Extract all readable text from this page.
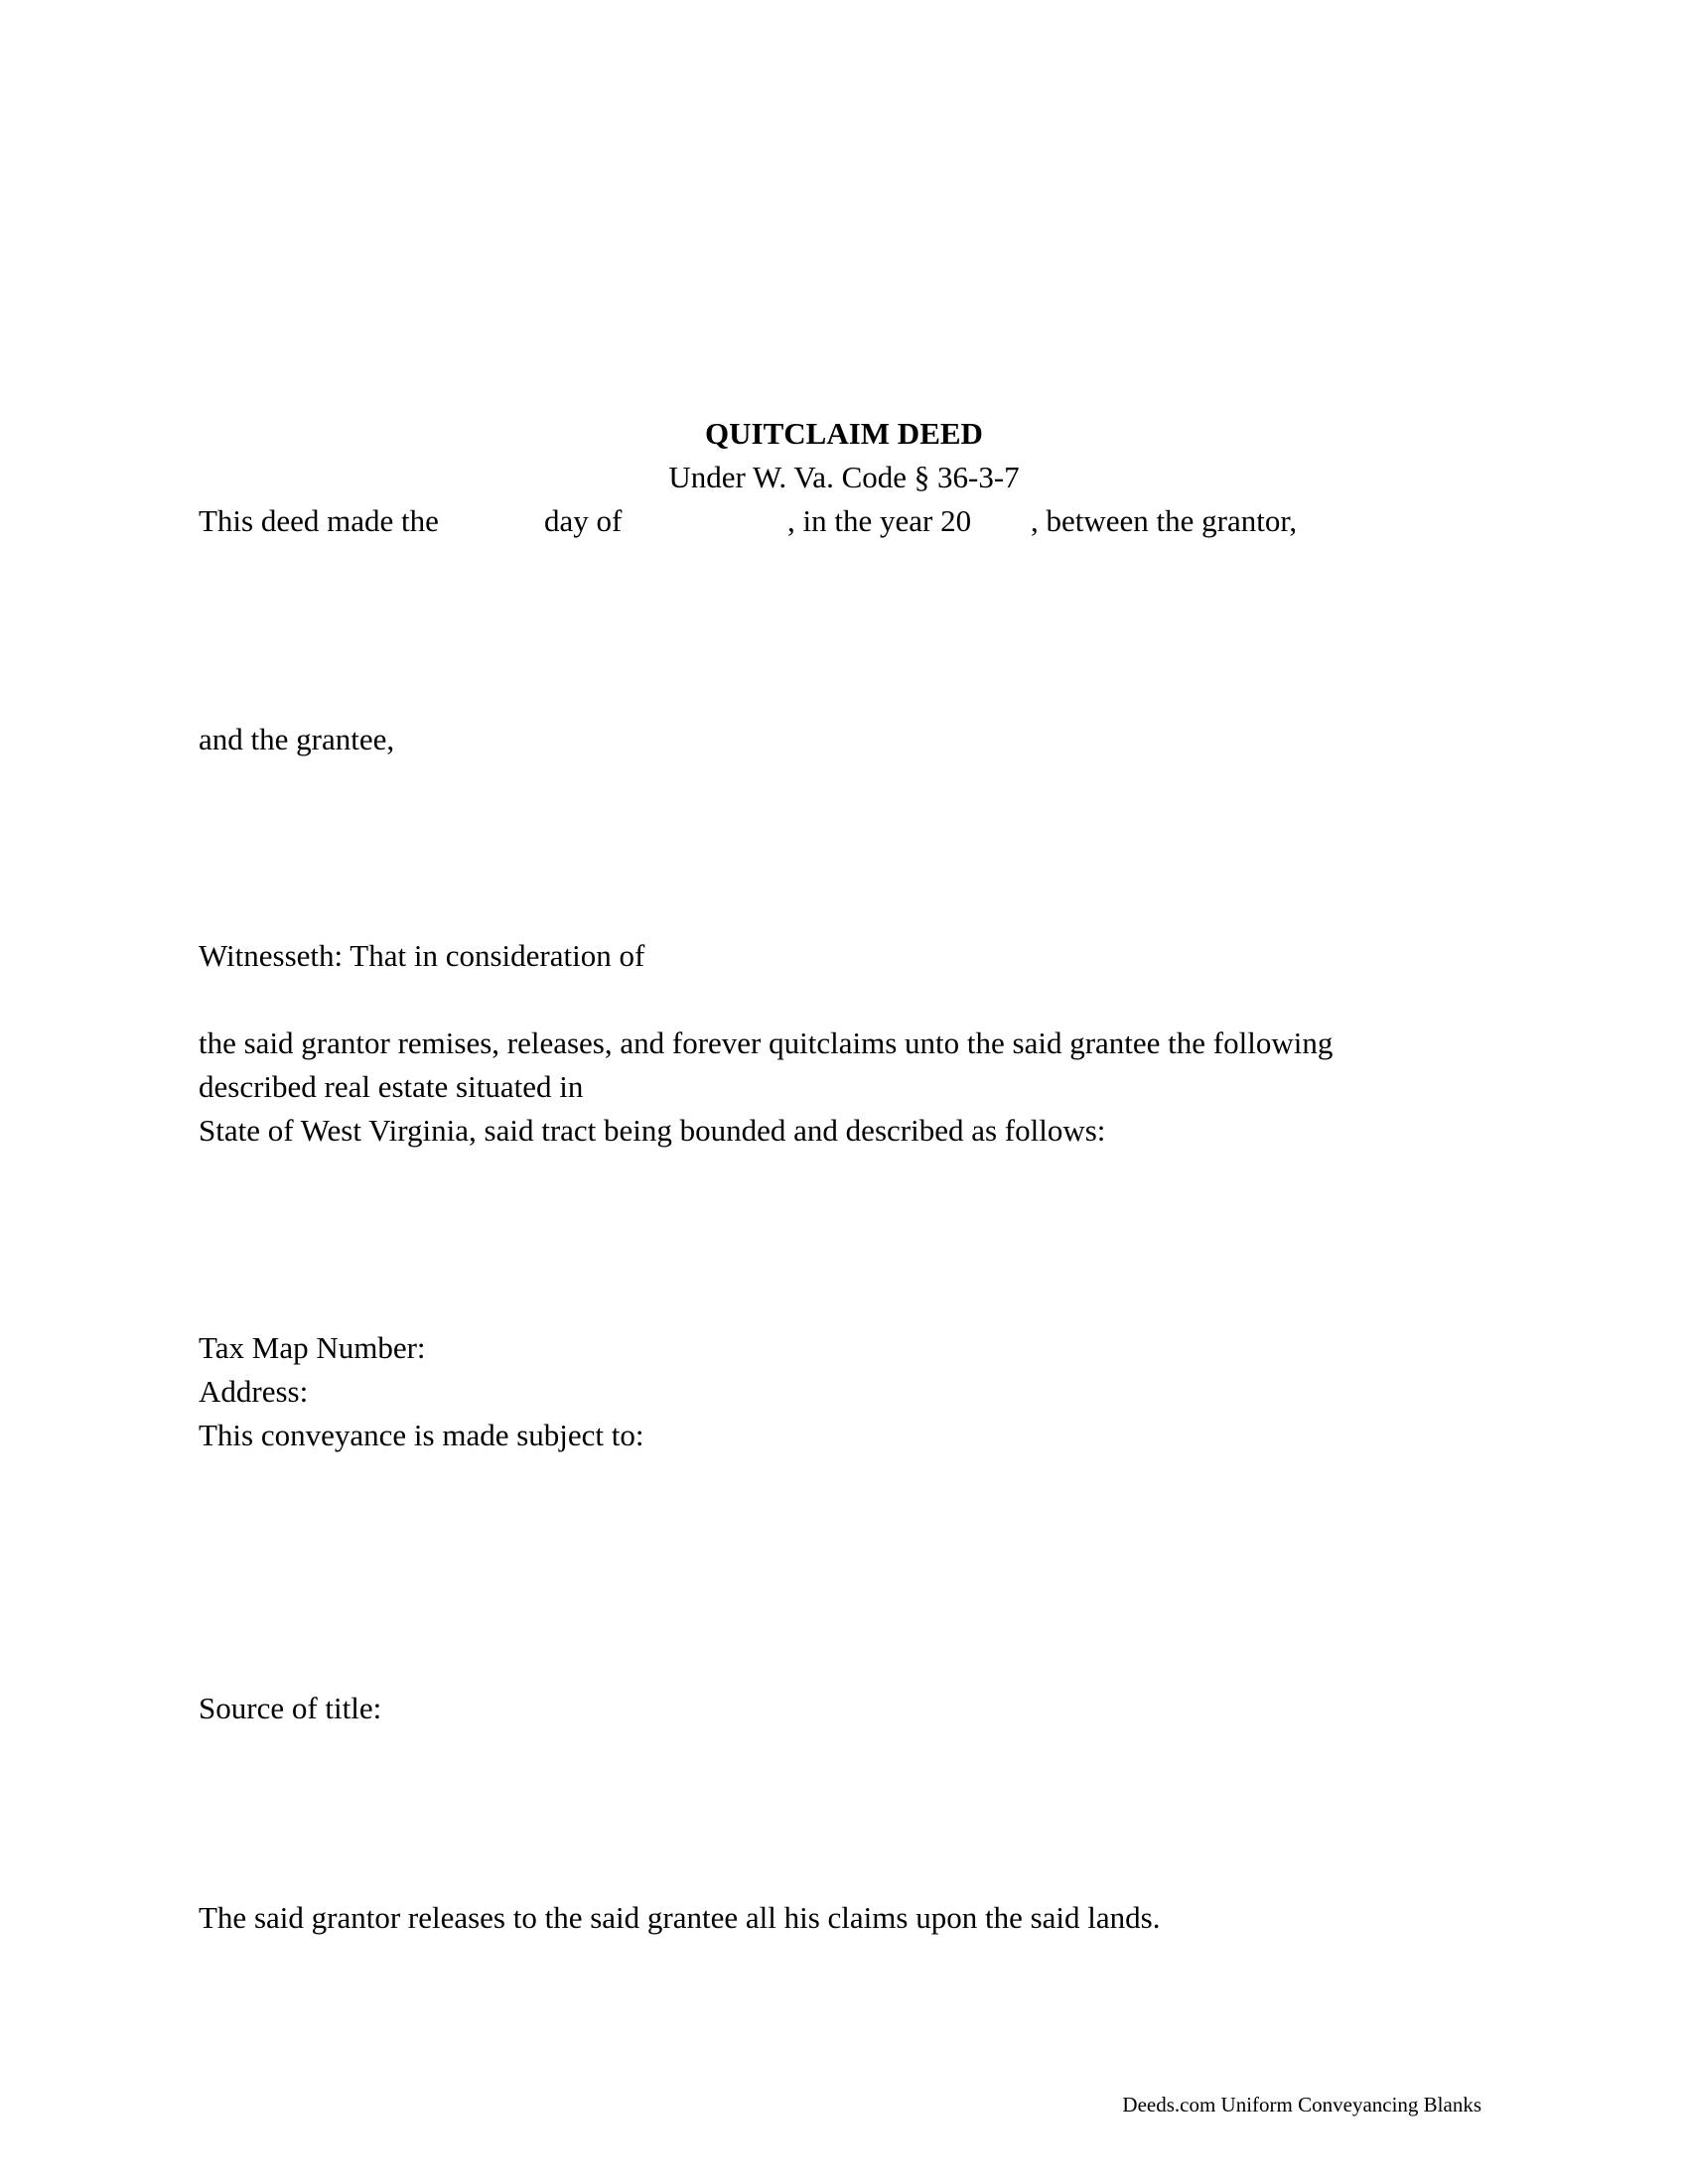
QUITCLAIM DEED
Under W. Va. Code § 36-3-7
This deed made the	day of	, in the year 20 , between the grantor,
and the grantee,
Witnesseth: That in consideration of
the said grantor remises, releases, and forever quitclaims unto the said grantee the following
described real estate situated in
State of West Virginia, said tract being bounded and described as follows:
Tax Map Number:
Address:
This conveyance is made subject to:
Source of title:
The said grantor releases to the said grantee all his claims upon the said lands.
Deeds.com Uniform Conveyancing Blanks
